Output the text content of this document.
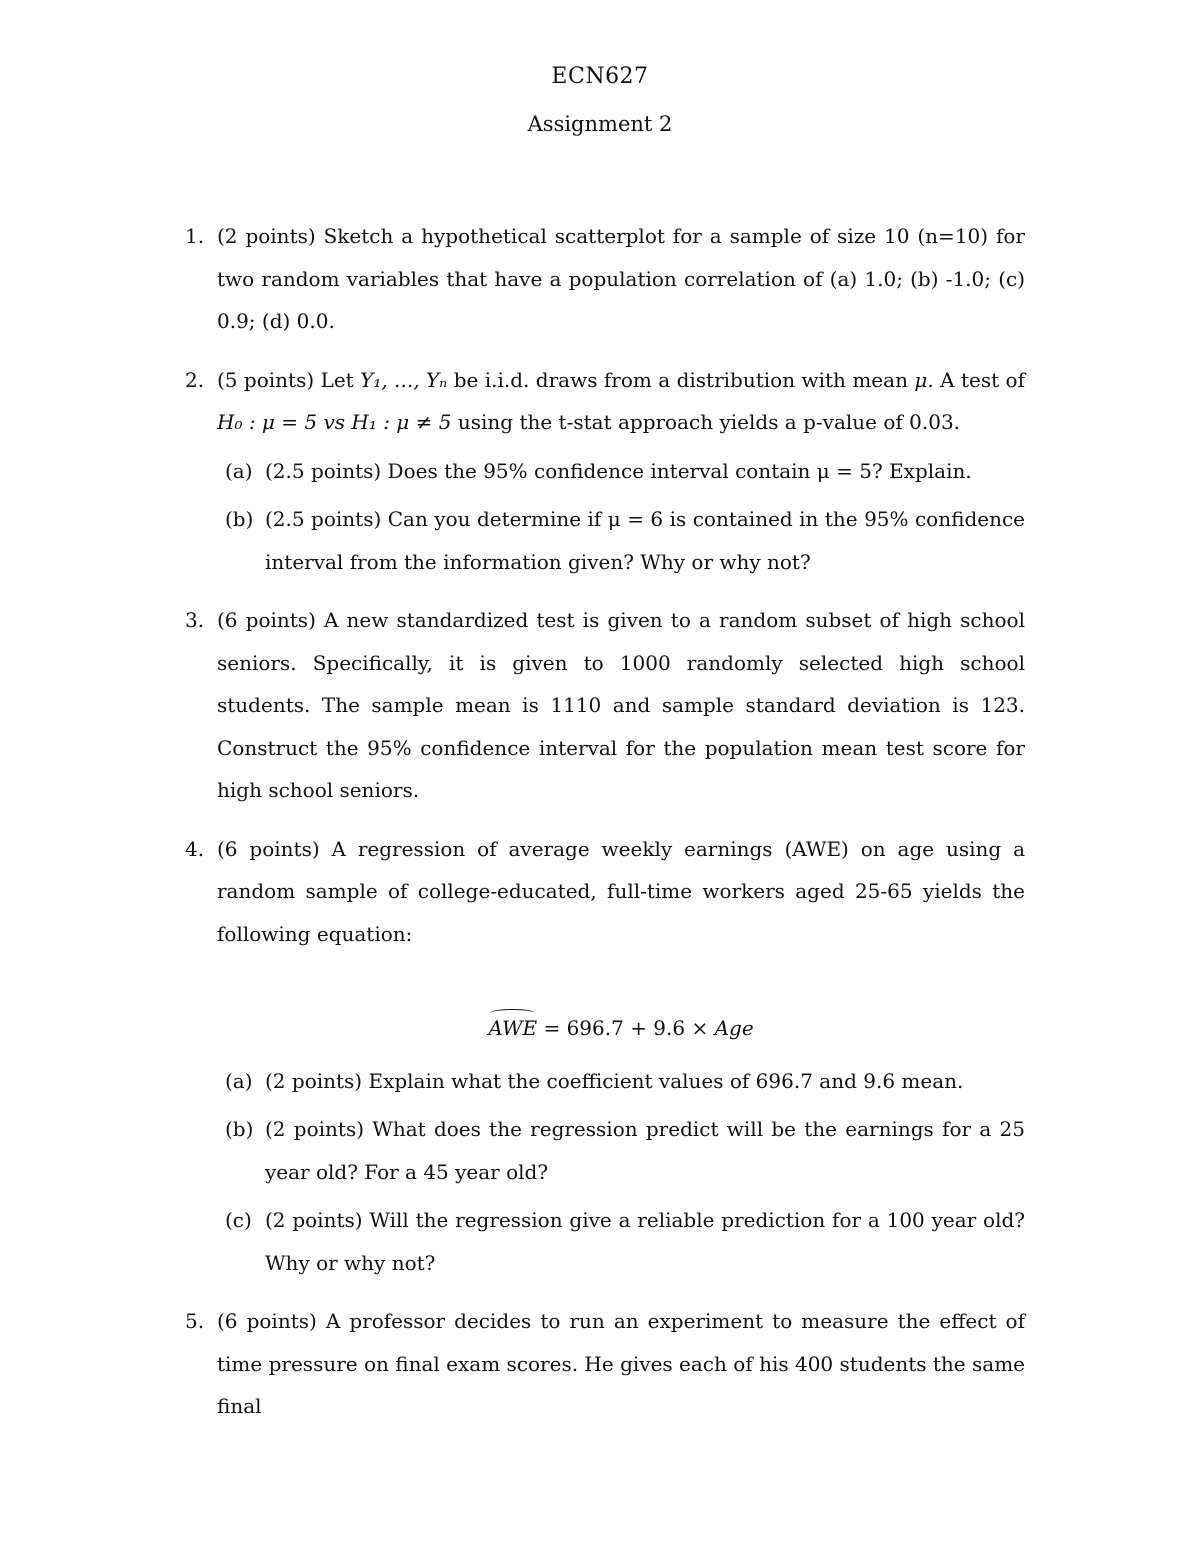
ECN627
Assignment 2
1. (2 points) Sketch a hypothetical scatterplot for a sample of size 10 (n=10) for two random variables that have a population correlation of (a) 1.0; (b) -1.0; (c) 0.9; (d) 0.0.
2. (5 points) Let Y₁, ..., Yₙ be i.i.d. draws from a distribution with mean μ. A test of H₀ : μ = 5 vs H₁ : μ ≠ 5 using the t-stat approach yields a p-value of 0.03.
(a) (2.5 points) Does the 95% confidence interval contain μ = 5? Explain.
(b) (2.5 points) Can you determine if μ = 6 is contained in the 95% confidence interval from the information given? Why or why not?
3. (6 points) A new standardized test is given to a random subset of high school seniors. Specifically, it is given to 1000 randomly selected high school students. The sample mean is 1110 and sample standard deviation is 123. Construct the 95% confidence interval for the population mean test score for high school seniors.
4. (6 points) A regression of average weekly earnings (AWE) on age using a random sample of college-educated, full-time workers aged 25-65 yields the following equation:
AWE = 696.7 + 9.6 × Age
(a) (2 points) Explain what the coefficient values of 696.7 and 9.6 mean.
(b) (2 points) What does the regression predict will be the earnings for a 25 year old? For a 45 year old?
(c) (2 points) Will the regression give a reliable prediction for a 100 year old? Why or why not?
5. (6 points) A professor decides to run an experiment to measure the effect of time pressure on final exam scores. He gives each of his 400 students the same final
